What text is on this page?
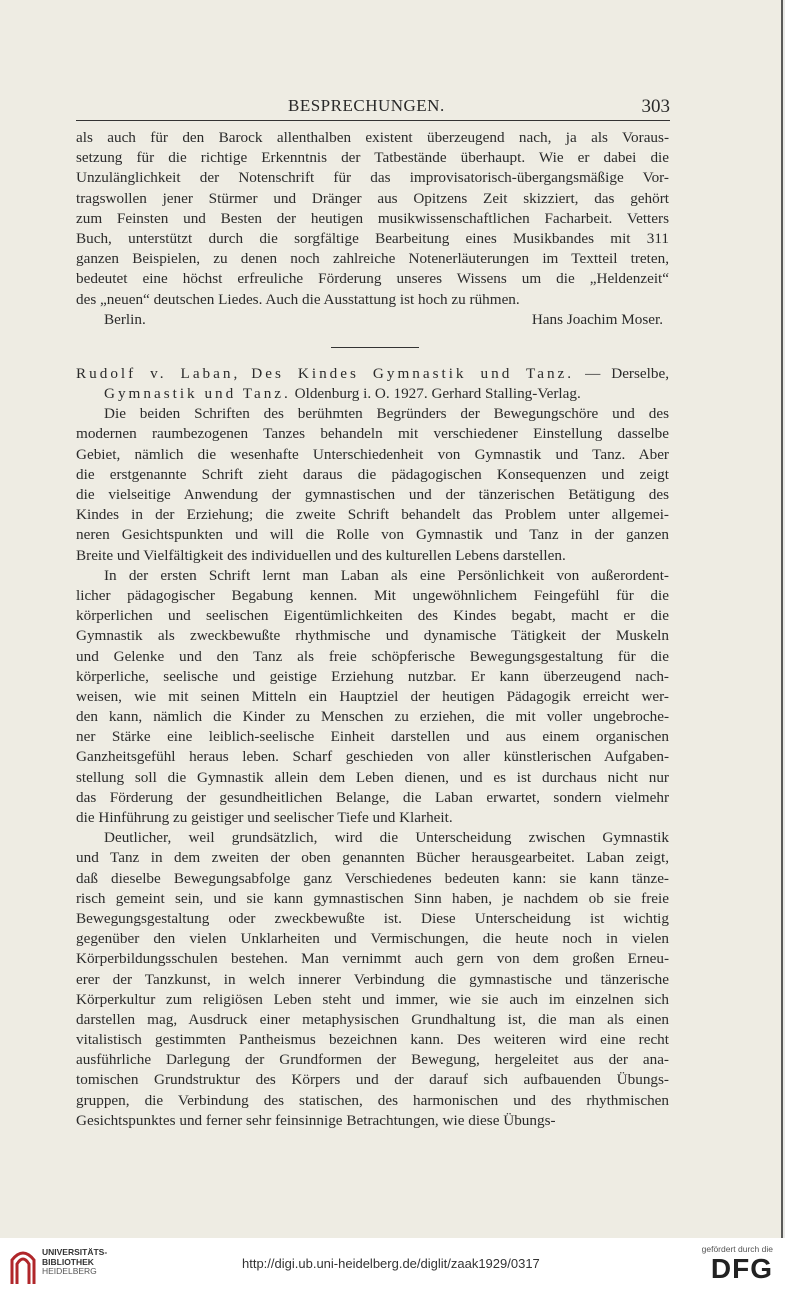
BESPRECHUNGEN.	303
als auch für den Barock allenthalben existent überzeugend nach, ja als Voraus-
setzung für die richtige Erkenntnis der Tatbestände überhaupt. Wie er dabei die
Unzulänglichkeit der Notenschrift für das improvisatorisch-übergangsmäßige Vor-
tragswollen jener Stürmer und Dränger aus Opitzens Zeit skizziert, das gehört
zum Feinsten und Besten der heutigen musikwissenschaftlichen Facharbeit. Vetters
Buch, unterstützt durch die sorgfältige Bearbeitung eines Musikbandes mit 311
ganzen Beispielen, zu denen noch zahlreiche Notenerläuterungen im Textteil treten,
bedeutet eine höchst erfreuliche Förderung unseres Wissens um die „Heldenzeit“
des „neuen“ deutschen Liedes. Auch die Ausstattung ist hoch zu rühmen.
Berlin.	Hans Joachim Moser.
Rudolf v. Laban, Des Kindes Gymnastik und Tanz. — Derselbe,
Gymnastik und Tanz. Oldenburg i. O. 1927. Gerhard Stalling-Verlag.
Die beiden Schriften des berühmten Begründers der Bewegungschöre und des
modernen raumbezogenen Tanzes behandeln mit verschiedener Einstellung dasselbe
Gebiet, nämlich die wesenhafte Unterschiedenheit von Gymnastik und Tanz. Aber
die erstgenannte Schrift zieht daraus die pädagogischen Konsequenzen und zeigt
die vielseitige Anwendung der gymnastischen und der tänzerischen Betätigung des
Kindes in der Erziehung; die zweite Schrift behandelt das Problem unter allgemei-
neren Gesichtspunkten und will die Rolle von Gymnastik und Tanz in der ganzen
Breite und Vielfältigkeit des individuellen und des kulturellen Lebens darstellen.
In der ersten Schrift lernt man Laban als eine Persönlichkeit von außerordent-
licher pädagogischer Begabung kennen. Mit ungewöhnlichem Feingefühl für die
körperlichen und seelischen Eigentümlichkeiten des Kindes begabt, macht er die
Gymnastik als zweckbewußte rhythmische und dynamische Tätigkeit der Muskeln
und Gelenke und den Tanz als freie schöpferische Bewegungsgestaltung für die
körperliche, seelische und geistige Erziehung nutzbar. Er kann überzeugend nach-
weisen, wie mit seinen Mitteln ein Hauptziel der heutigen Pädagogik erreicht wer-
den kann, nämlich die Kinder zu Menschen zu erziehen, die mit voller ungebroche-
ner Stärke eine leiblich-seelische Einheit darstellen und aus einem organischen
Ganzheitsgefühl heraus leben. Scharf geschieden von aller künstlerischen Aufgaben-
stellung soll die Gymnastik allein dem Leben dienen, und es ist durchaus nicht nur
das Förderung der gesundheitlichen Belange, die Laban erwartet, sondern vielmehr
die Hinführung zu geistiger und seelischer Tiefe und Klarheit.
Deutlicher, weil grundsätzlich, wird die Unterscheidung zwischen Gymnastik
und Tanz in dem zweiten der oben genannten Bücher herausgearbeitet. Laban zeigt,
daß dieselbe Bewegungsabfolge ganz Verschiedenes bedeuten kann: sie kann tänze-
risch gemeint sein, und sie kann gymnastischen Sinn haben, je nachdem ob sie freie
Bewegungsgestaltung oder zweckbewußte ist. Diese Unterscheidung ist wichtig
gegenüber den vielen Unklarheiten und Vermischungen, die heute noch in vielen
Körperbildungsschulen bestehen. Man vernimmt auch gern von dem großen Erneu-
erer der Tanzkunst, in welch innerer Verbindung die gymnastische und tänzerische
Körperkultur zum religiösen Leben steht und immer, wie sie auch im einzelnen sich
darstellen mag, Ausdruck einer metaphysischen Grundhaltung ist, die man als einen
vitalistisch gestimmten Pantheismus bezeichnen kann. Des weiteren wird eine recht
ausführliche Darlegung der Grundformen der Bewegung, hergeleitet aus der ana-
tomischen Grundstruktur des Körpers und der darauf sich aufbauenden Übungs-
gruppen, die Verbindung des statischen, des harmonischen und des rhythmischen
Gesichtspunktes und ferner sehr feinsinnige Betrachtungen, wie diese Übungs-
UNIVERSITÄTS-
BIBLIOTHEK
HEIDELBERG	http://digi.ub.uni-heidelberg.de/diglit/zaak1929/0317
gefördert durch die
DFG
